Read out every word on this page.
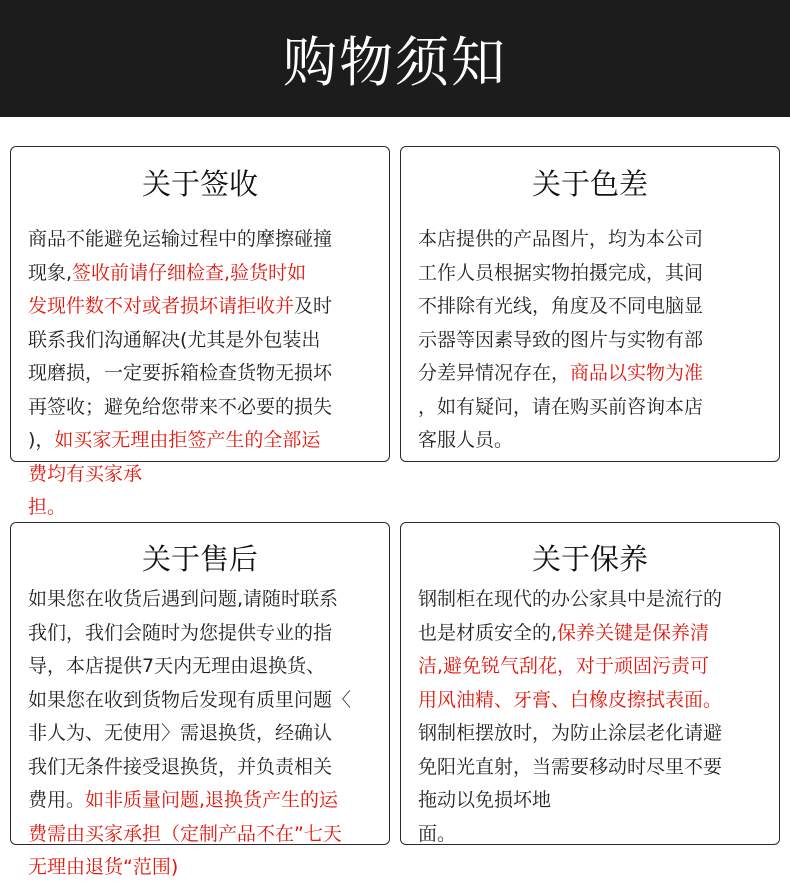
购物须知
关于签收
商品不能避免运输过程中的摩擦碰撞
现象,签收前请仔细检查,验货时如
发现件数不对或者损坏请拒收并及时
联系我们沟通解决(尤其是外包装出
现磨损，一定要拆箱检查货物无损坏
再签收；避免给您带来不必要的损失
)，如买家无理由拒签产生的全部运
费均有买家承
担。
关于色差
本店提供的产品图片，均为本公司
工作人员根据实物拍摄完成，其间
不排除有光线，角度及不同电脑显
示器等因素导致的图片与实物有部
分差异情况存在，商品以实物为准
，如有疑问，请在购买前咨询本店
客服人员。
关于售后
如果您在收货后遇到问题,请随时联系
我们，我们会随时为您提供专业的指
导，本店提供7天内无理由退换货、
如果您在收到货物后发现有质里问题〈
非人为、无使用〉需退换货，经确认
我们无条件接受退换货，并负责相关
费用。如非质量问题,退换货产生的运
费需由买家承担（定制产品不在”七天
无理由退货“范围)
关于保养
钢制柜在现代的办公家具中是流行的
也是材质安全的,保养关键是保养清
洁,避免锐气刮花，对于顽固污责可
用风油精、牙膏、白橡皮擦拭表面。
钢制柜摆放时，为防止涂层老化请避
免阳光直射，当需要移动时尽里不要
拖动以免损坏地
面。
